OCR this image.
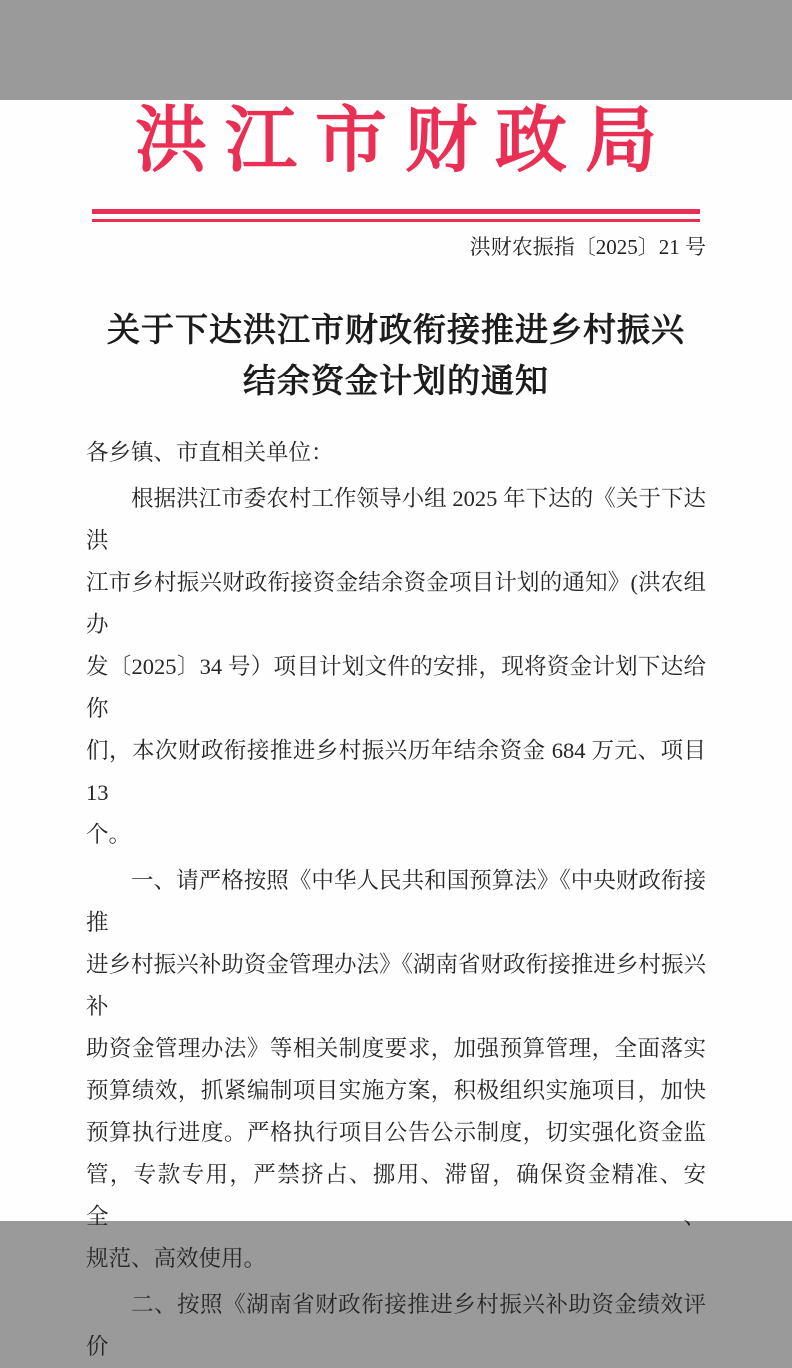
洪江市财政局
洪财农振指〔2025〕21 号
关于下达洪江市财政衔接推进乡村振兴
结余资金计划的通知

各乡镇、市直相关单位：

根据洪江市委农村工作领导小组 2025 年下达的《关于下达洪
江市乡村振兴财政衔接资金结余资金项目计划的通知》(洪农组办
发〔2025〕34 号）项目计划文件的安排，现将资金计划下达给你
们，本次财政衔接推进乡村振兴历年结余资金 684 万元、项目 13
个。

一、请严格按照《中华人民共和国预算法》《中央财政衔接推
进乡村振兴补助资金管理办法》《湖南省财政衔接推进乡村振兴补
助资金管理办法》等相关制度要求，加强预算管理，全面落实
预算绩效，抓紧编制项目实施方案，积极组织实施项目，加快
预算执行进度。严格执行项目公告公示制度，切实强化资金监
管，专款专用，严禁挤占、挪用、滞留，确保资金精准、安全、
规范、高效使用。

二、按照《湖南省财政衔接推进乡村振兴补助资金绩效评价
